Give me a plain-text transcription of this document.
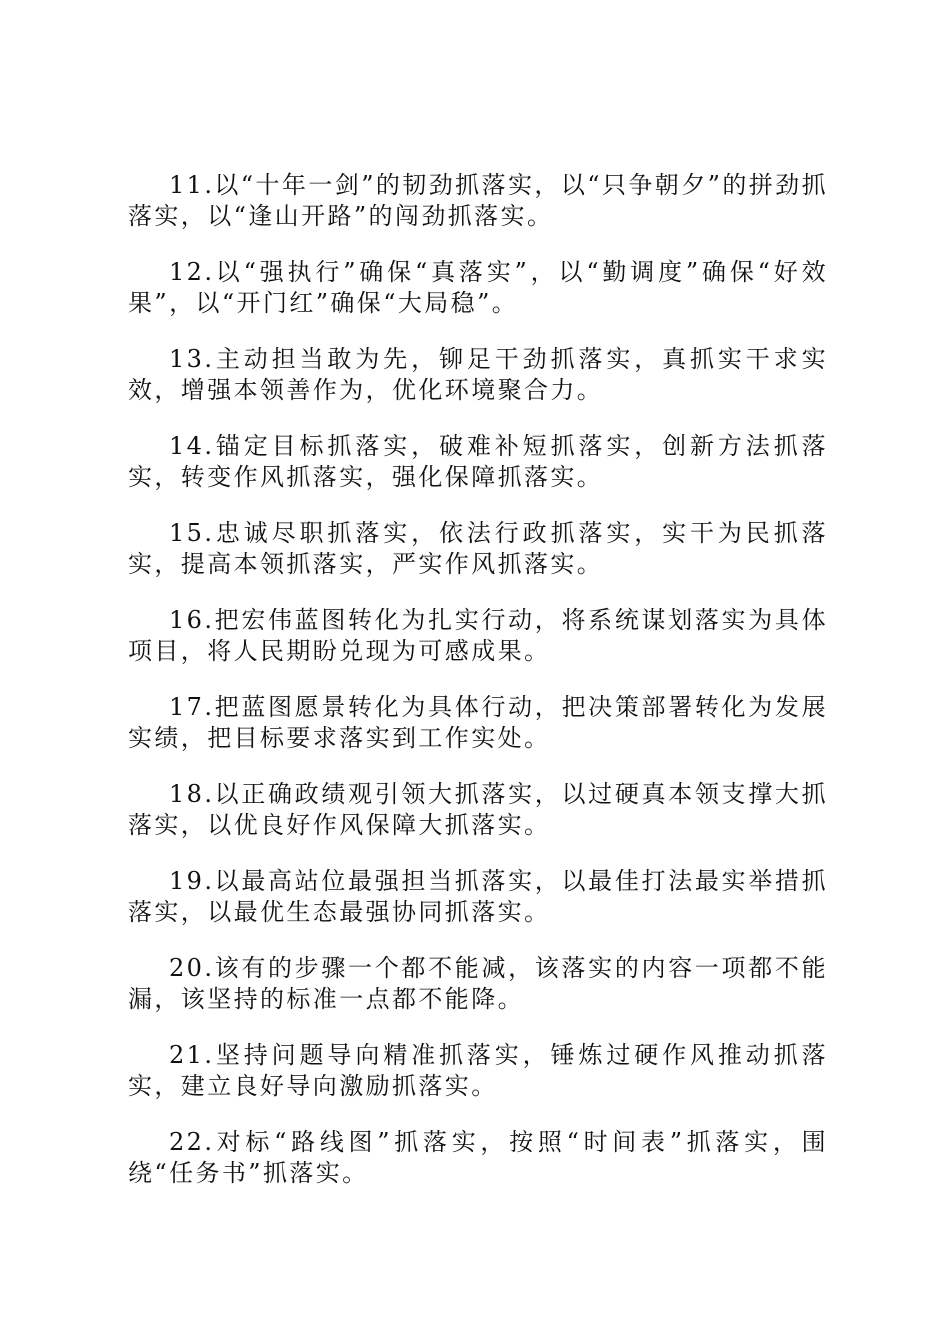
11.以“十年一剑”的韧劲抓落实，以“只争朝夕”的拼劲抓落实，以“逢山开路”的闯劲抓落实。

12.以“强执行”确保“真落实”，以“勤调度”确保“好效果”，以“开门红”确保“大局稳”。

13.主动担当敢为先，铆足干劲抓落实，真抓实干求实效，增强本领善作为，优化环境聚合力。

14.锚定目标抓落实，破难补短抓落实，创新方法抓落实，转变作风抓落实，强化保障抓落实。

15.忠诚尽职抓落实，依法行政抓落实，实干为民抓落实，提高本领抓落实，严实作风抓落实。

16.把宏伟蓝图转化为扎实行动，将系统谋划落实为具体项目，将人民期盼兑现为可感成果。

17.把蓝图愿景转化为具体行动，把决策部署转化为发展实绩，把目标要求落实到工作实处。

18.以正确政绩观引领大抓落实，以过硬真本领支撑大抓落实，以优良好作风保障大抓落实。

19.以最高站位最强担当抓落实，以最佳打法最实举措抓落实，以最优生态最强协同抓落实。

20.该有的步骤一个都不能减，该落实的内容一项都不能漏，该坚持的标准一点都不能降。

21.坚持问题导向精准抓落实，锤炼过硬作风推动抓落实，建立良好导向激励抓落实。

22.对标“路线图”抓落实，按照“时间表”抓落实，围绕“任务书”抓落实。
